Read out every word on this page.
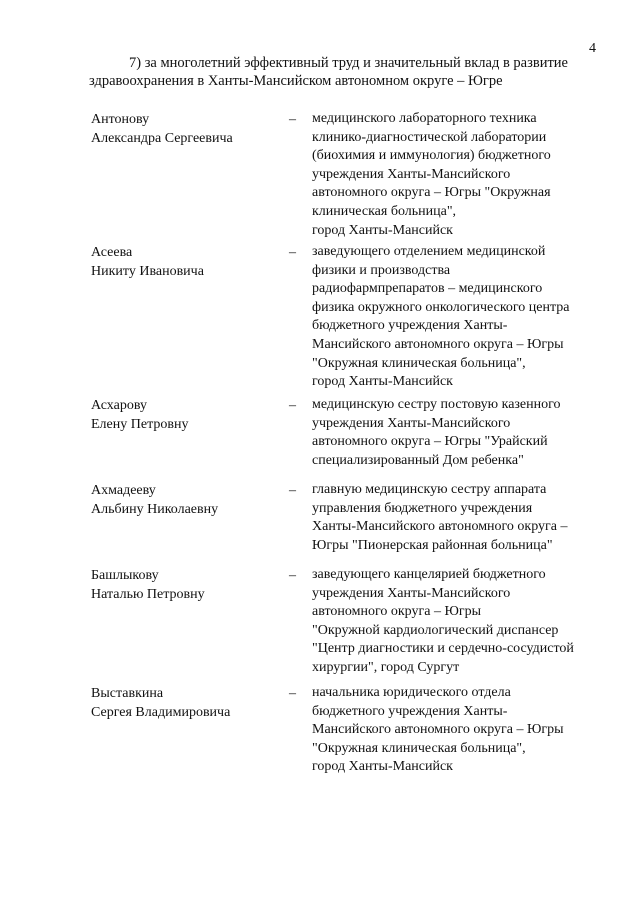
4
7) за многолетний эффективный труд и значительный вклад в развитие
здравоохранения в Ханты-Мансийском автономном округе – Югре
Антонову
Александра Сергеевича
– медицинского лабораторного техника
клинико-диагностической лаборатории
(биохимия и иммунология) бюджетного
учреждения Ханты-Мансийского
автономного округа – Югры "Окружная
клиническая больница",
город Ханты-Мансийск
Асеева
Никиту Ивановича
– заведующего отделением медицинской
физики и производства
радиофармпрепаратов – медицинского
физика окружного онкологического центра
бюджетного учреждения Ханты-
Мансийского автономного округа – Югры
"Окружная клиническая больница",
город Ханты-Мансийск
Асхарову
Елену Петровну
– медицинскую сестру постовую казенного
учреждения Ханты-Мансийского
автономного округа – Югры "Урайский
специализированный Дом ребенка"
Ахмадееву
Альбину Николаевну
– главную медицинскую сестру аппарата
управления бюджетного учреждения
Ханты-Мансийского автономного округа –
Югры "Пионерская районная больница"
Башлыкову
Наталью Петровну
– заведующего канцелярией бюджетного
учреждения Ханты-Мансийского
автономного округа – Югры
"Окружной кардиологический диспансер
"Центр диагностики и сердечно-сосудистой
хирургии", город Сургут
Выставкина
Сергея Владимировича
– начальника юридического отдела
бюджетного учреждения Ханты-
Мансийского автономного округа – Югры
"Окружная клиническая больница",
город Ханты-Мансийск
